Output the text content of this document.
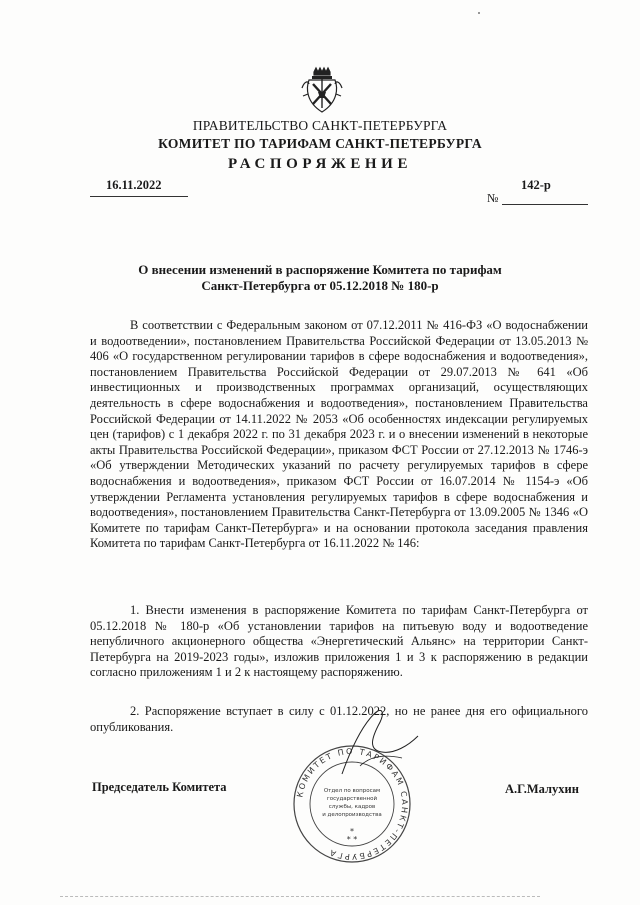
ПРАВИТЕЛЬСТВО САНКТ-ПЕТЕРБУРГА
КОМИТЕТ ПО ТАРИФАМ САНКТ-ПЕТЕРБУРГА
РАСПОРЯЖЕНИЕ
16.11.2022
№
142-р
О внесении изменений в распоряжение Комитета по тарифам
Санкт-Петербурга от 05.12.2018 № 180-р

В соответствии с Федеральным законом от 07.12.2011 № 416-ФЗ «О водоснабжении и водоотведении», постановлением Правительства Российской Федерации от 13.05.2013 № 406 «О государственном регулировании тарифов в сфере водоснабжения и водоотведения», постановлением Правительства Российской Федерации от 29.07.2013 № 641 «Об инвестиционных и производственных программах организаций, осуществляющих деятельность в сфере водоснабжения и водоотведения», постановлением Правительства Российской Федерации от 14.11.2022 № 2053 «Об особенностях индексации регулируемых цен (тарифов) с 1 декабря 2022 г. по 31 декабря 2023 г. и о внесении изменений в некоторые акты Правительства Российской Федерации», приказом ФСТ России от 27.12.2013 № 1746-э «Об утверждении Методических указаний по расчету регулируемых тарифов в сфере водоснабжения и водоотведения», приказом ФСТ России от 16.07.2014 № 1154-э «Об утверждении Регламента установления регулируемых тарифов в сфере водоснабжения и водоотведения», постановлением Правительства Санкт-Петербурга от 13.09.2005 № 1346 «О Комитете по тарифам Санкт-Петербурга» и на основании протокола заседания правления Комитета по тарифам Санкт-Петербурга от 16.11.2022 № 146:

1. Внести изменения в распоряжение Комитета по тарифам Санкт-Петербурга от 05.12.2018 № 180-р «Об установлении тарифов на питьевую воду и водоотведение непубличного акционерного общества «Энергетический Альянс» на территории Санкт-Петербурга на 2019-2023 годы», изложив приложения 1 и 3 к распоряжению в редакции согласно приложениям 1 и 2 к настоящему распоряжению.

2. Распоряжение вступает в силу с 01.12.2022, но не ранее дня его официального опубликования.

Председатель Комитета	А.Г.Малухин
КОМИТЕТ ПО ТАРИФАМ САНКТ-ПЕТЕРБУРГА
Отдел по вопросам
государственной
службы, кадров
и делопроизводства
*
* *
